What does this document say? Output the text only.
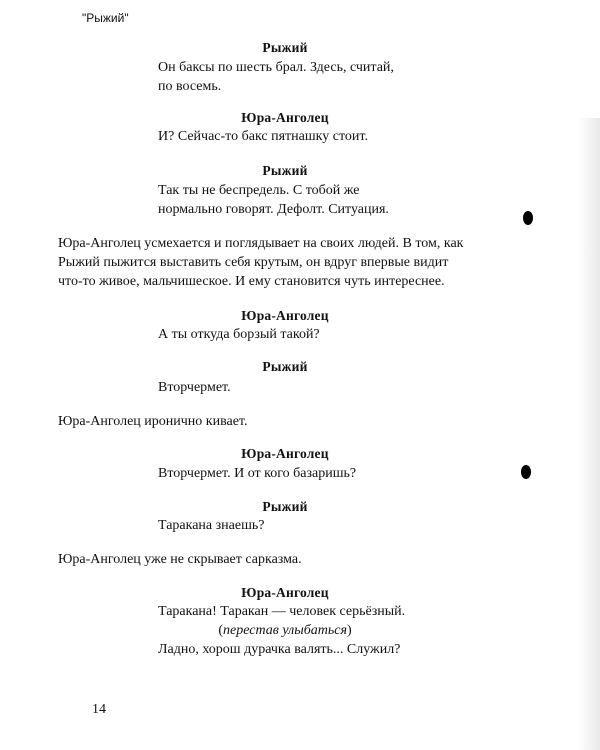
"Рыжий"
Рыжий
Он баксы по шесть брал. Здесь, считай,
по восемь.
Юра-Анголец
И? Сейчас-то бакс пятнашку стоит.
Рыжий
Так ты не беспредель. С тобой же
нормально говорят. Дефолт. Ситуация.
Юра-Анголец усмехается и поглядывает на своих людей. В том, как
Рыжий пыжится выставить себя крутым, он вдруг впервые видит
что-то живое, мальчишеское. И ему становится чуть интереснее.
Юра-Анголец
А ты откуда борзый такой?
Рыжий
Вторчермет.
Юра-Анголец иронично кивает.
Юра-Анголец
Вторчермет. И от кого базаришь?
Рыжий
Таракана знаешь?
Юра-Анголец уже не скрывает сарказма.
Юра-Анголец
Таракана! Таракан — человек серьёзный.
(перестав улыбаться)
Ладно, хорош дурачка валять... Служил?
14
